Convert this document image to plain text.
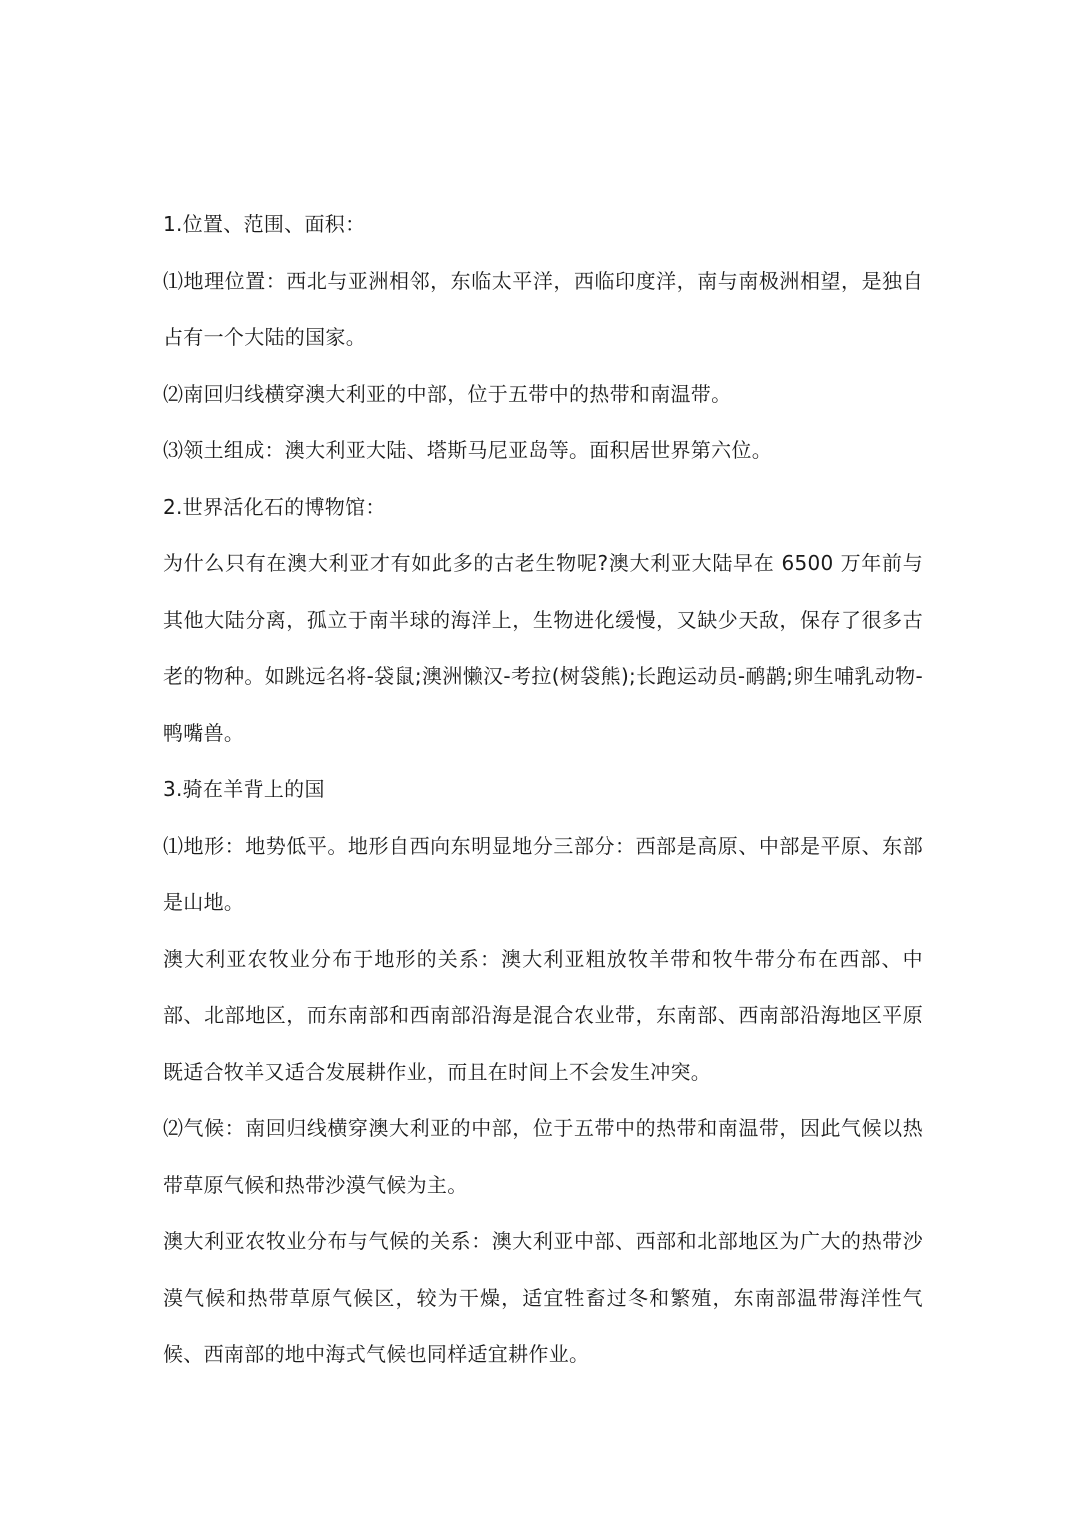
1.位置、范围、面积：

⑴地理位置：西北与亚洲相邻，东临太平洋，西临印度洋，南与南极洲相望，是独自占有一个大陆的国家。

⑵南回归线横穿澳大利亚的中部，位于五带中的热带和南温带。

⑶领土组成：澳大利亚大陆、塔斯马尼亚岛等。面积居世界第六位。

2.世界活化石的博物馆：

为什么只有在澳大利亚才有如此多的古老生物呢?澳大利亚大陆早在 6500 万年前与其他大陆分离，孤立于南半球的海洋上，生物进化缓慢，又缺少天敌，保存了很多古老的物种。如跳远名将-袋鼠;澳洲懒汉-考拉(树袋熊);长跑运动员-鸸鹋;卵生哺乳动物-鸭嘴兽。

3.骑在羊背上的国

⑴地形：地势低平。地形自西向东明显地分三部分：西部是高原、中部是平原、东部是山地。

澳大利亚农牧业分布于地形的关系：澳大利亚粗放牧羊带和牧牛带分布在西部、中部、北部地区，而东南部和西南部沿海是混合农业带，东南部、西南部沿海地区平原既适合牧羊又适合发展耕作业，而且在时间上不会发生冲突。

⑵气候：南回归线横穿澳大利亚的中部，位于五带中的热带和南温带，因此气候以热带草原气候和热带沙漠气候为主。

澳大利亚农牧业分布与气候的关系：澳大利亚中部、西部和北部地区为广大的热带沙漠气候和热带草原气候区，较为干燥，适宜牲畜过冬和繁殖，东南部温带海洋性气候、西南部的地中海式气候也同样适宜耕作业。
